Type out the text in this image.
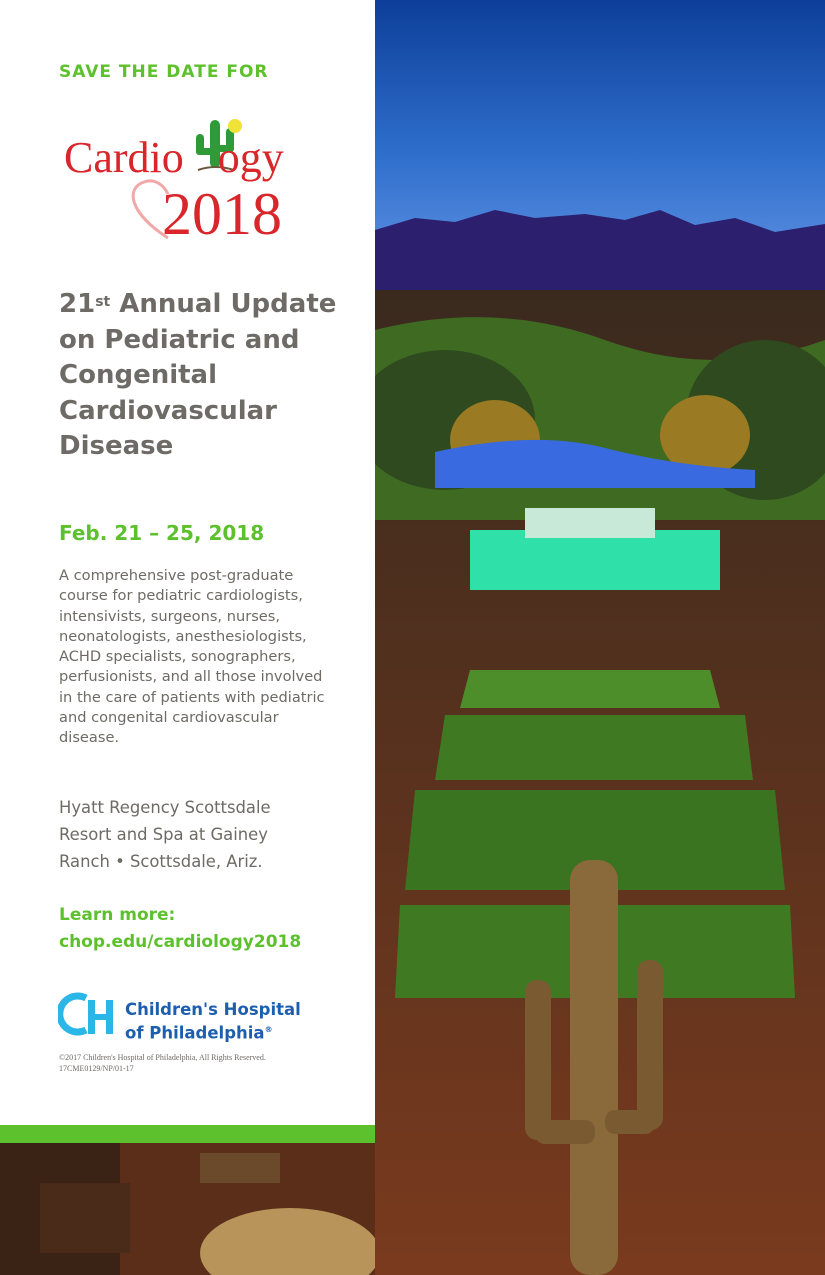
SAVE THE DATE FOR

Cardio ogy
2018
21st Annual Update on Pediatric and Congenital Cardiovascular Disease

Feb. 21 – 25, 2018

A comprehensive post-graduate course for pediatric cardiologists, intensivists, surgeons, nurses, neonatologists, anesthesiologists, ACHD specialists, sonographers, perfusionists, and all those involved in the care of patients with pediatric and congenital cardiovascular disease.

Hyatt Regency Scottsdale
Resort and Spa at Gainey
Ranch • Scottsdale, Ariz.

Learn more:
chop.edu/cardiology2018

Children's Hospital
of Philadelphia®

©2017 Children's Hospital of Philadelphia, All Rights Reserved. 17CME0129/NP/01-17
